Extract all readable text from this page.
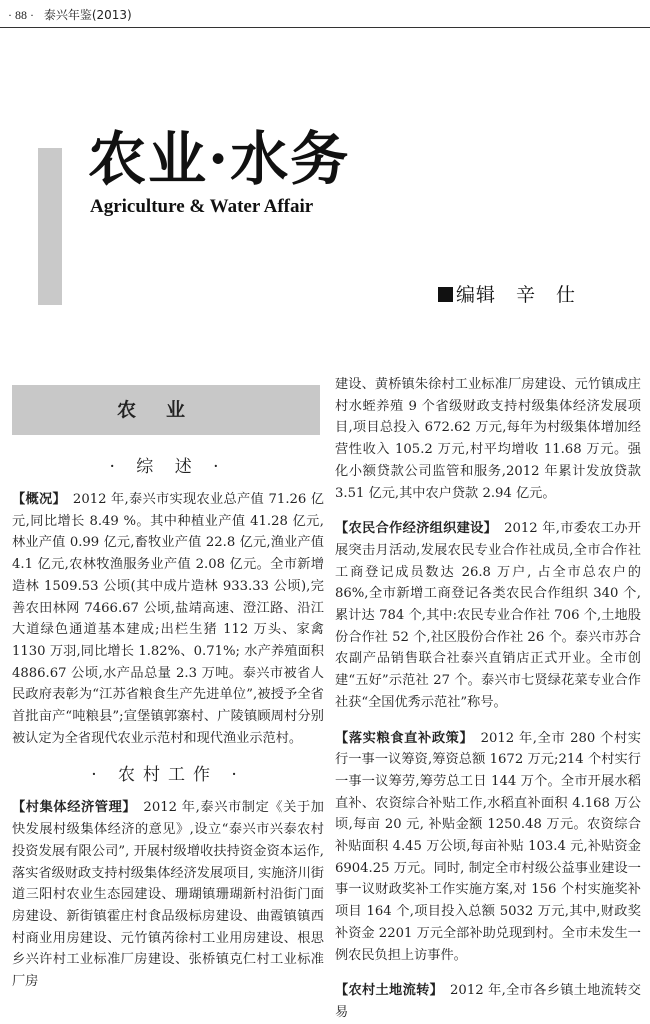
· 88 · 泰兴年鉴(2013)
农业·水务
Agriculture & Water Affair
编辑　辛　仕
农业
· 综 述 ·

【概况】　2012 年,泰兴市实现农业总产值 71.26 亿元,同比增长 8.49 %。其中种植业产值 41.28 亿元,林业产值 0.99 亿元,畜牧业产值 22.8 亿元,渔业产值 4.1 亿元,农林牧渔服务业产值 2.08 亿元。全市新增造林 1509.53 公顷(其中成片造林 933.33 公顷),完善农田林网 7466.67 公顷,盐靖高速、澄江路、沿江大道绿色通道基本建成;出栏生猪 112 万头、家禽 1130 万羽,同比增长 1.82%、0.71%; 水产养殖面积 4886.67 公顷,水产品总量 2.3 万吨。泰兴市被省人民政府表彰为“江苏省粮食生产先进单位”,被授予全省首批亩产“吨粮县”;宣堡镇郭寨村、广陵镇顾周村分别被认定为全省现代农业示范村和现代渔业示范村。

· 农村工作 ·

【村集体经济管理】　2012 年,泰兴市制定《关于加快发展村级集体经济的意见》,设立“泰兴市兴泰农村投资发展有限公司”, 开展村级增收扶持资金资本运作,落实省级财政支持村级集体经济发展项目, 实施济川街道三阳村农业生态园建设、珊瑚镇珊瑚新村沿街门面房建设、新街镇霍庄村食品级标房建设、曲霞镇镇西村商业用房建设、元竹镇芮徐村工业用房建设、根思乡兴许村工业标准厂房建设、张桥镇克仁村工业标准厂房

建设、黄桥镇朱徐村工业标准厂房建设、元竹镇成庄村水蛭养殖 9 个省级财政支持村级集体经济发展项目,项目总投入 672.62 万元,每年为村级集体增加经营性收入 105.2 万元,村平均增收 11.68 万元。强化小额贷款公司监管和服务,2012 年累计发放贷款 3.51 亿元,其中农户贷款 2.94 亿元。

【农民合作经济组织建设】　2012 年,市委农工办开展突击月活动,发展农民专业合作社成员,全市合作社工商登记成员数达 26.8 万户, 占全市总农户的 86%,全市新增工商登记各类农民合作组织 340 个,累计达 784 个,其中:农民专业合作社 706 个,土地股份合作社 52 个,社区股份合作社 26 个。泰兴市苏合农副产品销售联合社泰兴直销店正式开业。全市创建“五好”示范社 27 个。泰兴市七贤绿花菜专业合作社获“全国优秀示范社”称号。

【落实粮食直补政策】　2012 年,全市 280 个村实行一事一议筹资,筹资总额 1672 万元;214 个村实行一事一议筹劳,筹劳总工日 144 万个。全市开展水稻直补、农资综合补贴工作,水稻直补面积 4.168 万公顷,每亩 20 元, 补贴金额 1250.48 万元。农资综合补贴面积 4.45 万公顷,每亩补贴 103.4 元,补贴资金 6904.25 万元。同时, 制定全市村级公益事业建设一事一议财政奖补工作实施方案,对 156 个村实施奖补项目 164 个,项目投入总额 5032 万元,其中,财政奖补资金 2201 万元全部补助兑现到村。全市未发生一例农民负担上访事件。

【农村土地流转】　2012 年,全市各乡镇土地流转交易
